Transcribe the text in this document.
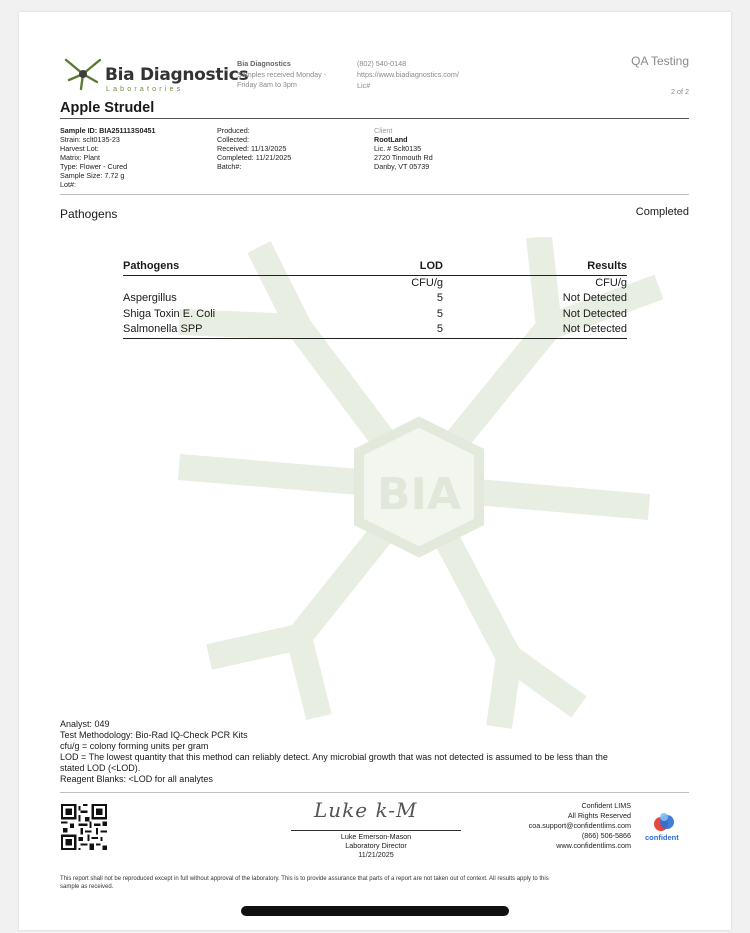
BIA
Bia Diagnostics
Laboratories
Bia Diagnostics
Samples received Monday -
Friday 8am to 3pm
(802) 540-0148
https://www.biadiagnostics.com/
Lic#
QA Testing
2 of 2
Apple Strudel
Sample ID: BIA251113S0451
Strain: sclt0135-23
Harvest Lot:
Matrix: Plant
Type: Flower - Cured
Sample Size: 7.72 g
Lot#:
Produced:
Collected:
Received: 11/13/2025
Completed: 11/21/2025
Batch#:
Client
RootLand
Lic. # Sclt0135
2720 Tinmouth Rd
Danby, VT 05739
Pathogens	Completed
Pathogens	LOD	Results
	CFU/g	CFU/g
Aspergillus	5	Not Detected
Shiga Toxin E. Coli	5	Not Detected
Salmonella SPP	5	Not Detected
Analyst: 049
Test Methodology: Bio-Rad IQ-Check PCR Kits
cfu/g = colony forming units per gram
LOD = The lowest quantity that this method can reliably detect. Any microbial growth that was not detected is assumed to be less than the
stated LOD (<LOD).
Reagent Blanks: <LOD for all analytes
Luke k-M
Luke Emerson-Mason
Laboratory Director
11/21/2025
Confident LIMS
All Rights Reserved
coa.support@confidentlims.com
(866) 506-5866
www.confidentlims.com
confident
This report shall not be reproduced except in full without approval of the laboratory. This is to provide assurance that parts of a report are not taken out of context. All results apply to this
sample as received.
